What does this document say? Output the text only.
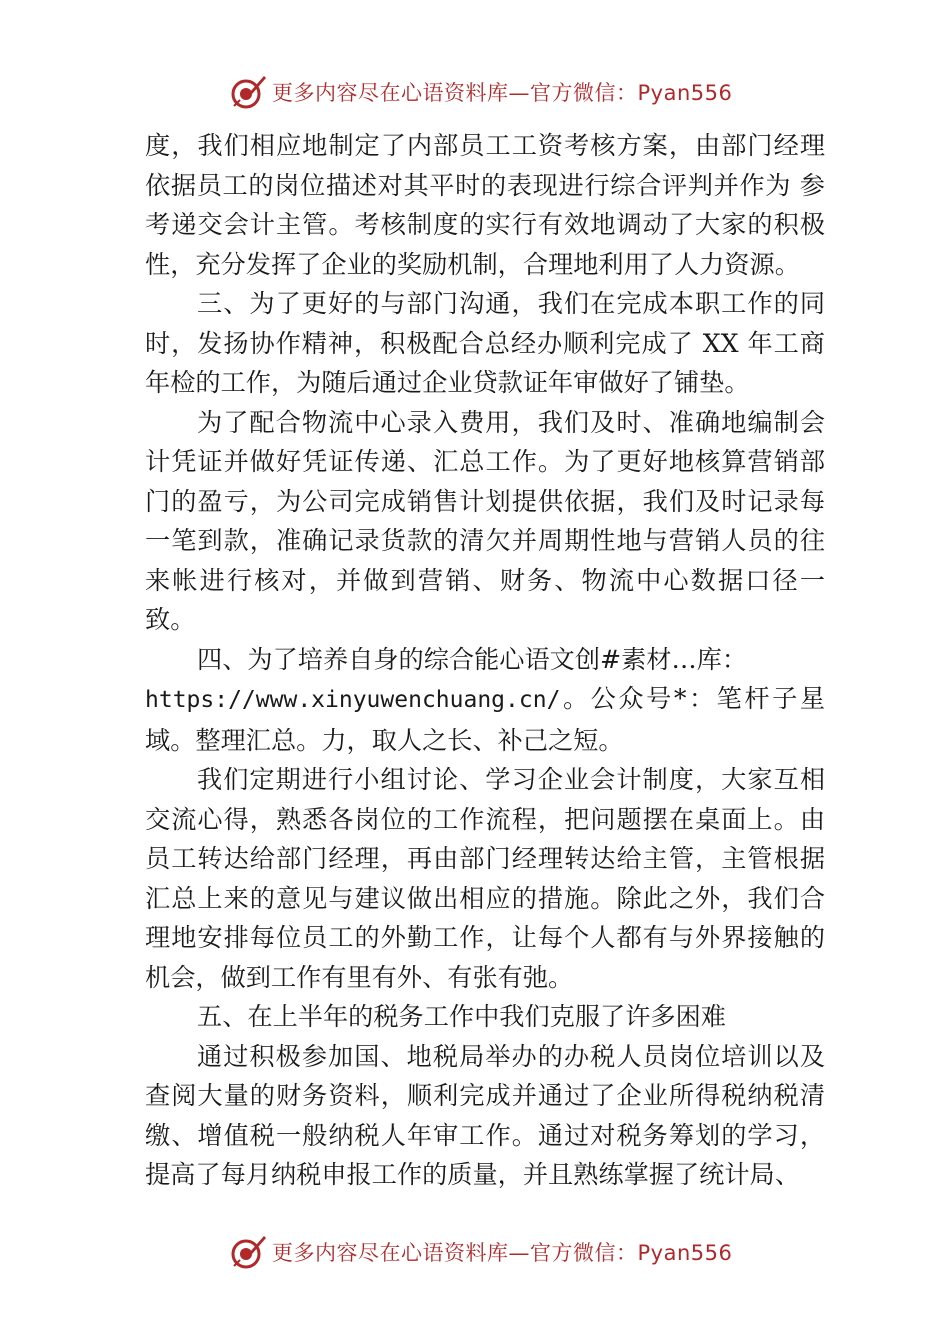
更多内容尽在心语资料库—官方微信：Pyan556

度，我们相应地制定了内部员工工资考核方案，由部门经理依据员工的岗位描述对其平时的表现进行综合评判并作为 参考递交会计主管。考核制度的实行有效地调动了大家的积极性，充分发挥了企业的奖励机制，合理地利用了人力资源。

三、为了更好的与部门沟通，我们在完成本职工作的同时，发扬协作精神，积极配合总经办顺利完成了 XX 年工商年检的工作，为随后通过企业贷款证年审做好了铺垫。

为了配合物流中心录入费用，我们及时、准确地编制会计凭证并做好凭证传递、汇总工作。为了更好地核算营销部门的盈亏，为公司完成销售计划提供依据，我们及时记录每一笔到款，准确记录货款的清欠并周期性地与营销人员的往来帐进行核对，并做到营销、财务、物流中心数据口径一致。

四、为了培养自身的综合能心语文创#素材…库：
https://www.xinyuwenchuang.cn/。公众号*：笔杆子星域。整理汇总。力，取人之长、补己之短。

我们定期进行小组讨论、学习企业会计制度，大家互相交流心得，熟悉各岗位的工作流程，把问题摆在桌面上。由员工转达给部门经理，再由部门经理转达给主管，主管根据汇总上来的意见与建议做出相应的措施。除此之外，我们合理地安排每位员工的外勤工作，让每个人都有与外界接触的机会，做到工作有里有外、有张有弛。

五、在上半年的税务工作中我们克服了许多困难

通过积极参加国、地税局举办的办税人员岗位培训以及查阅大量的财务资料，顺利完成并通过了企业所得税纳税清缴、增值税一般纳税人年审工作。通过对税务筹划的学习，提高了每月纳税申报工作的质量，并且熟练掌握了统计局、

更多内容尽在心语资料库—官方微信：Pyan556
